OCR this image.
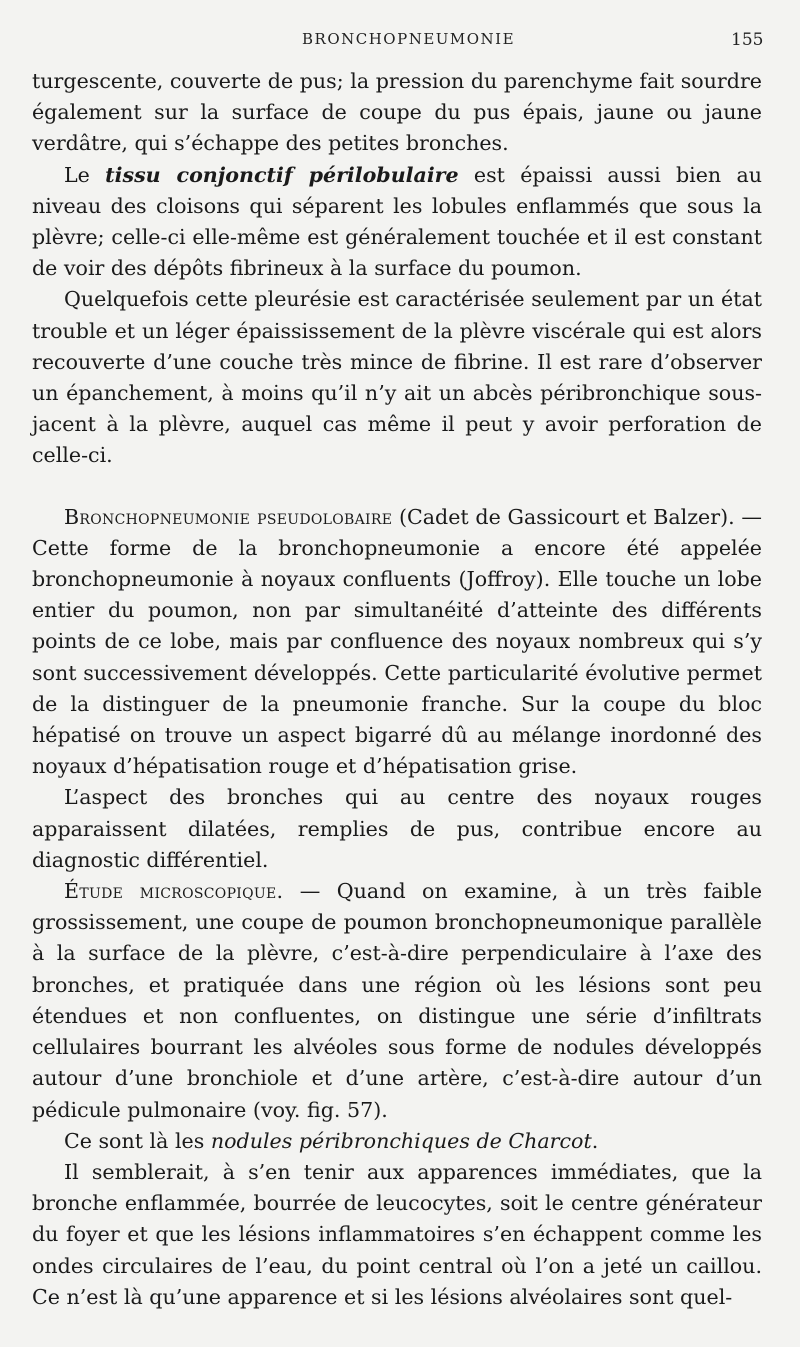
BRONCHOPNEUMONIE	155

turgescente, couverte de pus; la pression du parenchyme fait sourdre également sur la surface de coupe du pus épais, jaune ou jaune verdâtre, qui s’échappe des petites bronches.

Le tissu conjonctif périlobulaire est épaissi aussi bien au niveau des cloisons qui séparent les lobules enflammés que sous la plèvre; celle-ci elle-même est généralement touchée et il est constant de voir des dépôts fibrineux à la surface du poumon.

Quelquefois cette pleurésie est caractérisée seulement par un état trouble et un léger épaississement de la plèvre viscérale qui est alors recouverte d’une couche très mince de fibrine. Il est rare d’observer un épanchement, à moins qu’il n’y ait un abcès péribronchique sous-jacent à la plèvre, auquel cas même il peut y avoir perforation de celle-ci.

Bronchopneumonie pseudolobaire (Cadet de Gassicourt et Balzer). — Cette forme de la bronchopneumonie a encore été appelée bronchopneumonie à noyaux confluents (Joffroy). Elle touche un lobe entier du poumon, non par simultanéité d’atteinte des différents points de ce lobe, mais par confluence des noyaux nombreux qui s’y sont successivement développés. Cette particularité évolutive permet de la distinguer de la pneumonie franche. Sur la coupe du bloc hépatisé on trouve un aspect bigarré dû au mélange inordonné des noyaux d’hépatisation rouge et d’hépatisation grise.

L’aspect des bronches qui au centre des noyaux rouges apparaissent dilatées, remplies de pus, contribue encore au diagnostic différentiel.

Étude microscopique. — Quand on examine, à un très faible grossissement, une coupe de poumon bronchopneumonique parallèle à la surface de la plèvre, c’est-à-dire perpendiculaire à l’axe des bronches, et pratiquée dans une région où les lésions sont peu étendues et non confluentes, on distingue une série d’infiltrats cellulaires bourrant les alvéoles sous forme de nodules développés autour d’une bronchiole et d’une artère, c’est-à-dire autour d’un pédicule pulmonaire (voy. fig. 57).

Ce sont là les nodules péribronchiques de Charcot.

Il semblerait, à s’en tenir aux apparences immédiates, que la bronche enflammée, bourrée de leucocytes, soit le centre générateur du foyer et que les lésions inflammatoires s’en échappent comme les ondes circulaires de l’eau, du point central où l’on a jeté un caillou. Ce n’est là qu’une apparence et si les lésions alvéolaires sont quel-
